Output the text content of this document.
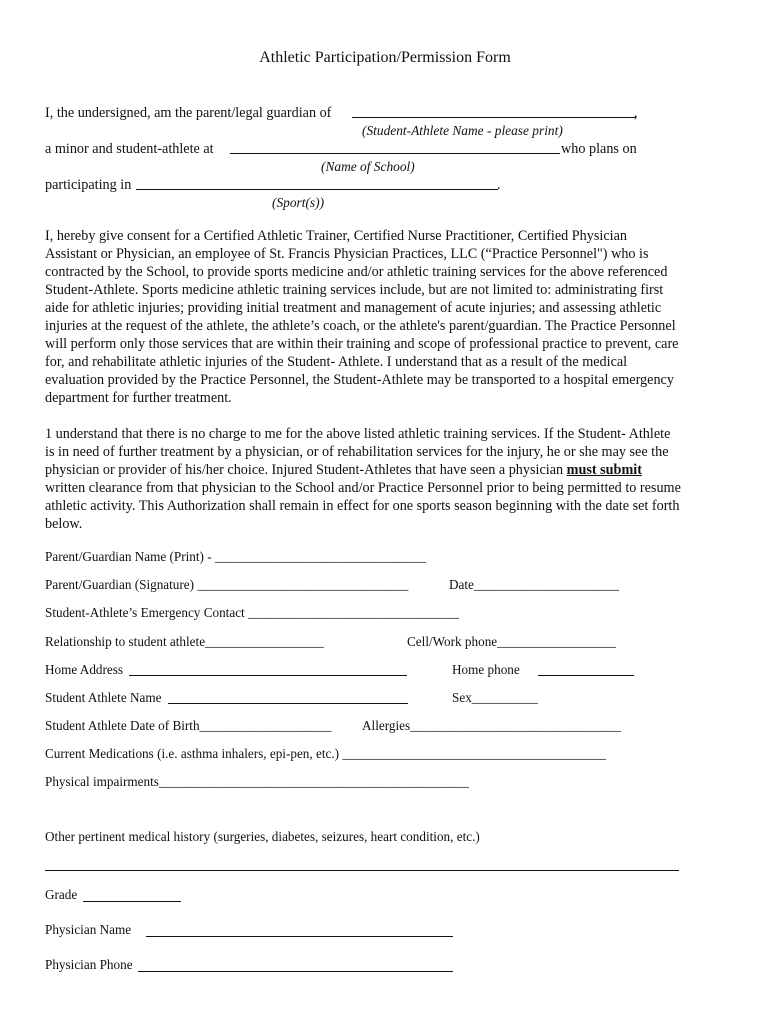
Athletic Participation/Permission Form
I, the undersigned, am the parent/legal guardian of	,
(Student-Athlete Name - please print)
a minor and student-athlete at	who plans on
(Name of School)
participating in	.
(Sport(s))
I, hereby give consent for a Certified Athletic Trainer, Certified Nurse Practitioner, Certified Physician
Assistant or Physician, an employee of St. Francis Physician Practices, LLC (“Practice Personnel") who is
contracted by the School, to provide sports medicine and/or athletic training services for the above referenced
Student-Athlete. Sports medicine athletic training services include, but are not limited to: administrating first
aide for athletic injuries; providing initial treatment and management of acute injuries; and assessing athletic
injuries at the request of the athlete, the athlete’s coach, or the athlete's parent/guardian. The Practice Personnel
will perform only those services that are within their training and scope of professional practice to prevent, care
for, and rehabilitate athletic injuries of the Student- Athlete. I understand that as a result of the medical
evaluation provided by the Practice Personnel, the Student-Athlete may be transported to a hospital emergency
department for further treatment.
1 understand that there is no charge to me for the above listed athletic training services. If the Student- Athlete
is in need of further treatment by a physician, or of rehabilitation services for the injury, he or she may see the
physician or provider of his/her choice. Injured Student-Athletes that have seen a physician must submit
written clearance from that physician to the School and/or Practice Personnel prior to being permitted to resume
athletic activity. This Authorization shall remain in effect for one sports season beginning with the date set forth
below.
Parent/Guardian Name (Print) - ________________________________
Parent/Guardian (Signature) ________________________________	Date______________________
Student-Athlete’s Emergency Contact ________________________________
Relationship to student athlete__________________	Cell/Work phone__________________
Home Address	Home phone
Student Athlete Name	Sex__________
Student Athlete Date of Birth____________________ Allergies________________________________
Current Medications (i.e. asthma inhalers, epi-pen, etc.) ________________________________________
Physical impairments_______________________________________________
Other pertinent medical history (surgeries, diabetes, seizures, heart condition, etc.)
Grade
Physician Name
Physician Phone
